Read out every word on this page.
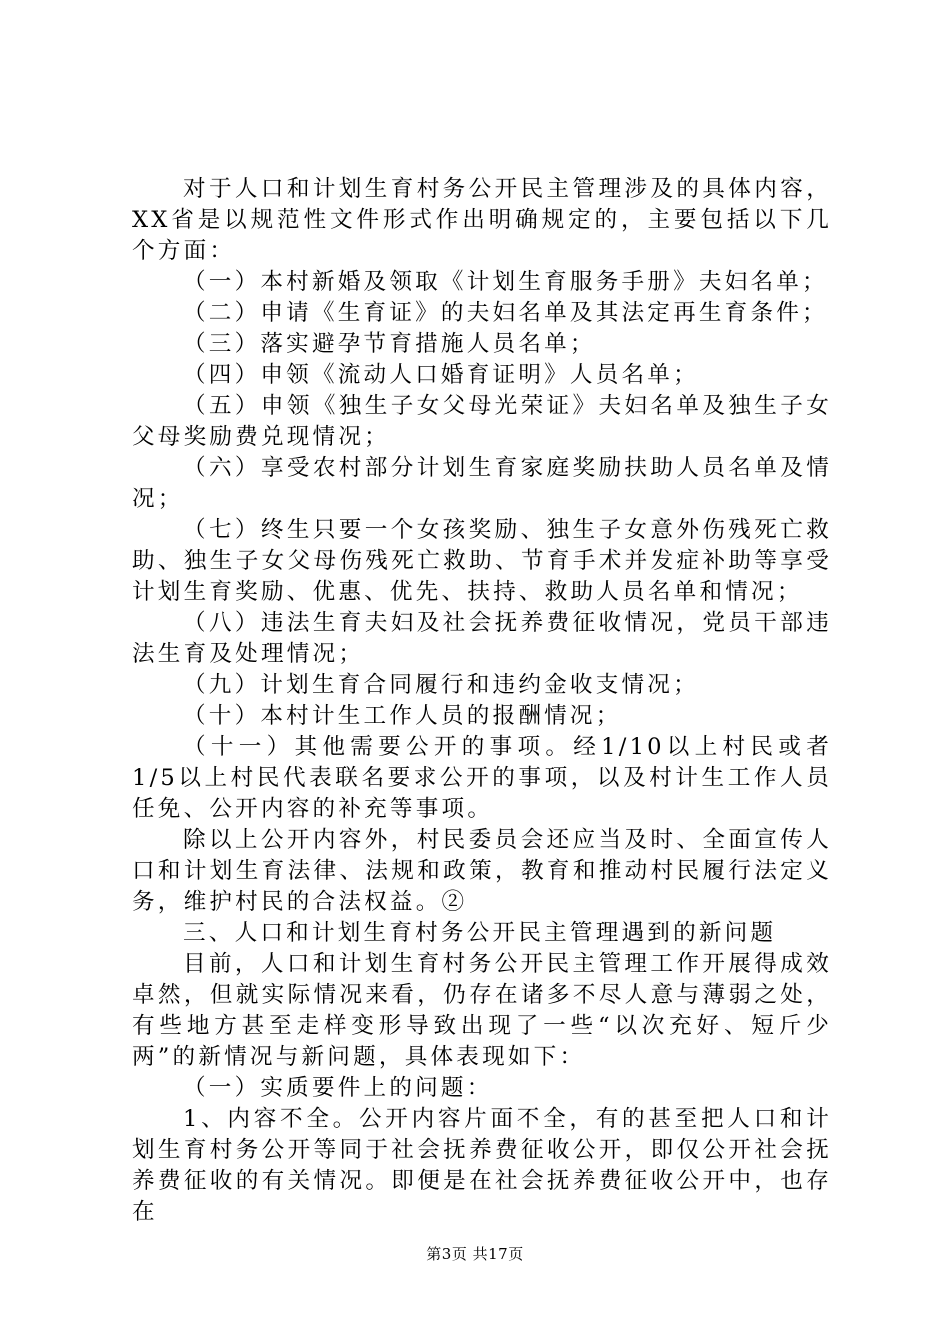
对于人口和计划生育村务公开民主管理涉及的具体内容，XX省是以规范性文件形式作出明确规定的，主要包括以下几个方面：

（一）本村新婚及领取《计划生育服务手册》夫妇名单；

（二）申请《生育证》的夫妇名单及其法定再生育条件；

（三）落实避孕节育措施人员名单；

（四）申领《流动人口婚育证明》人员名单；

（五）申领《独生子女父母光荣证》夫妇名单及独生子女父母奖励费兑现情况；

（六）享受农村部分计划生育家庭奖励扶助人员名单及情况；

（七）终生只要一个女孩奖励、独生子女意外伤残死亡救助、独生子女父母伤残死亡救助、节育手术并发症补助等享受计划生育奖励、优惠、优先、扶持、救助人员名单和情况；

（八）违法生育夫妇及社会抚养费征收情况，党员干部违法生育及处理情况；

（九）计划生育合同履行和违约金收支情况；

（十）本村计生工作人员的报酬情况；

（十一）其他需要公开的事项。经1/10以上村民或者1/5以上村民代表联名要求公开的事项，以及村计生工作人员任免、公开内容的补充等事项。

除以上公开内容外，村民委员会还应当及时、全面宣传人口和计划生育法律、法规和政策，教育和推动村民履行法定义务，维护村民的合法权益。②

三、人口和计划生育村务公开民主管理遇到的新问题

目前，人口和计划生育村务公开民主管理工作开展得成效卓然，但就实际情况来看，仍存在诸多不尽人意与薄弱之处，有些地方甚至走样变形导致出现了一些“以次充好、短斤少两”的新情况与新问题，具体表现如下：

（一）实质要件上的问题：

1、内容不全。公开内容片面不全，有的甚至把人口和计划生育村务公开等同于社会抚养费征收公开，即仅公开社会抚养费征收的有关情况。即便是在社会抚养费征收公开中，也存在

第3页 共17页
